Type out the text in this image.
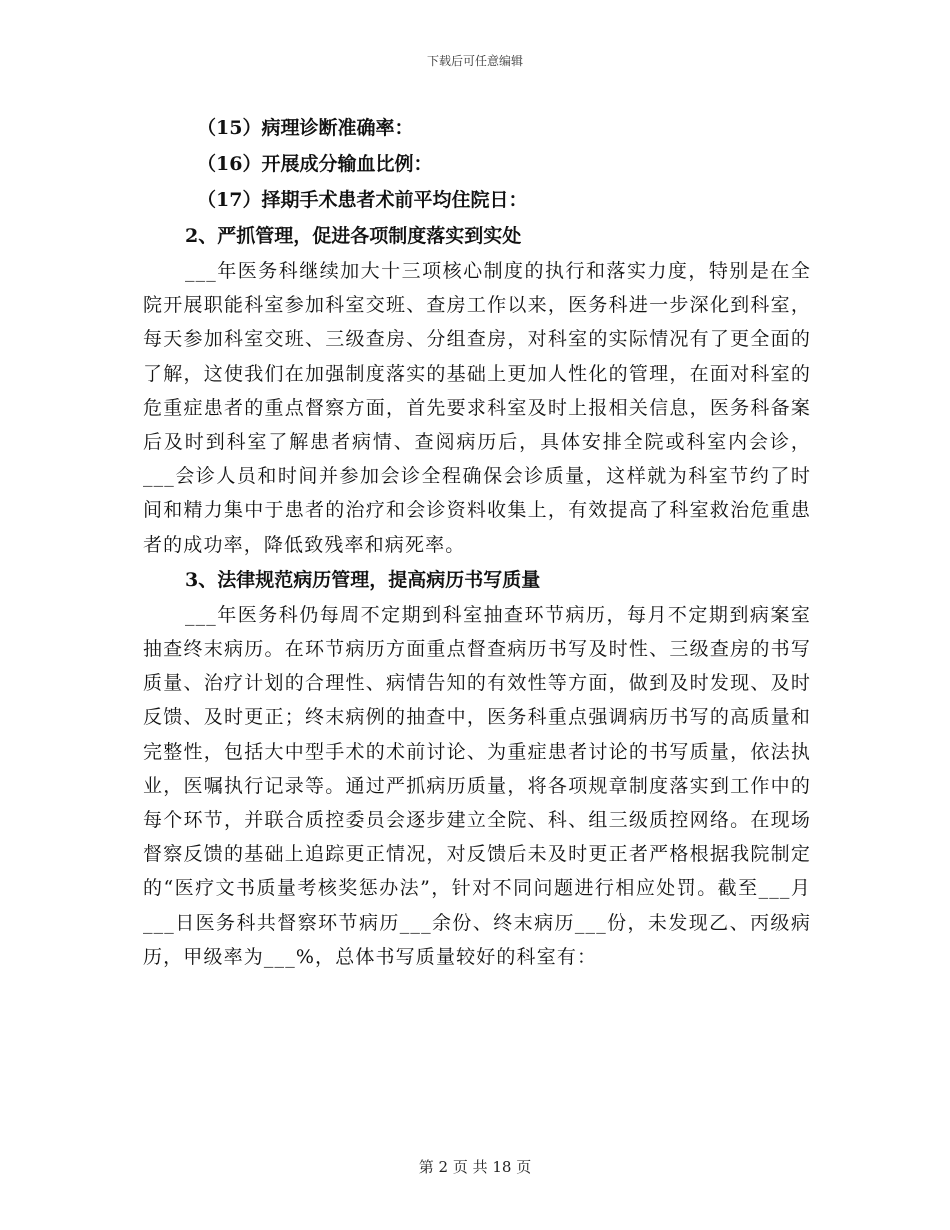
下载后可任意编辑
（15）病理诊断准确率：
（16）开展成分输血比例：
（17）择期手术患者术前平均住院日：
2、严抓管理，促进各项制度落实到实处

___年医务科继续加大十三项核心制度的执行和落实力度，特别是在全院开展职能科室参加科室交班、查房工作以来，医务科进一步深化到科室，每天参加科室交班、三级查房、分组查房，对科室的实际情况有了更全面的了解，这使我们在加强制度落实的基础上更加人性化的管理，在面对科室的危重症患者的重点督察方面，首先要求科室及时上报相关信息，医务科备案后及时到科室了解患者病情、查阅病历后，具体安排全院或科室内会诊，___会诊人员和时间并参加会诊全程确保会诊质量，这样就为科室节约了时间和精力集中于患者的治疗和会诊资料收集上，有效提高了科室救治危重患者的成功率，降低致残率和病死率。

3、法律规范病历管理，提高病历书写质量

___年医务科仍每周不定期到科室抽查环节病历，每月不定期到病案室抽查终末病历。在环节病历方面重点督查病历书写及时性、三级查房的书写质量、治疗计划的合理性、病情告知的有效性等方面，做到及时发现、及时反馈、及时更正；终末病例的抽查中，医务科重点强调病历书写的高质量和完整性，包括大中型手术的术前讨论、为重症患者讨论的书写质量，依法执业，医嘱执行记录等。通过严抓病历质量，将各项规章制度落实到工作中的每个环节，并联合质控委员会逐步建立全院、科、组三级质控网络。在现场督察反馈的基础上追踪更正情况，对反馈后未及时更正者严格根据我院制定的“医疗文书质量考核奖惩办法”，针对不同问题进行相应处罚。截至___月___日医务科共督察环节病历___余份、终末病历___份，未发现乙、丙级病历，甲级率为___%，总体书写质量较好的科室有：

第 2 页 共 18 页
